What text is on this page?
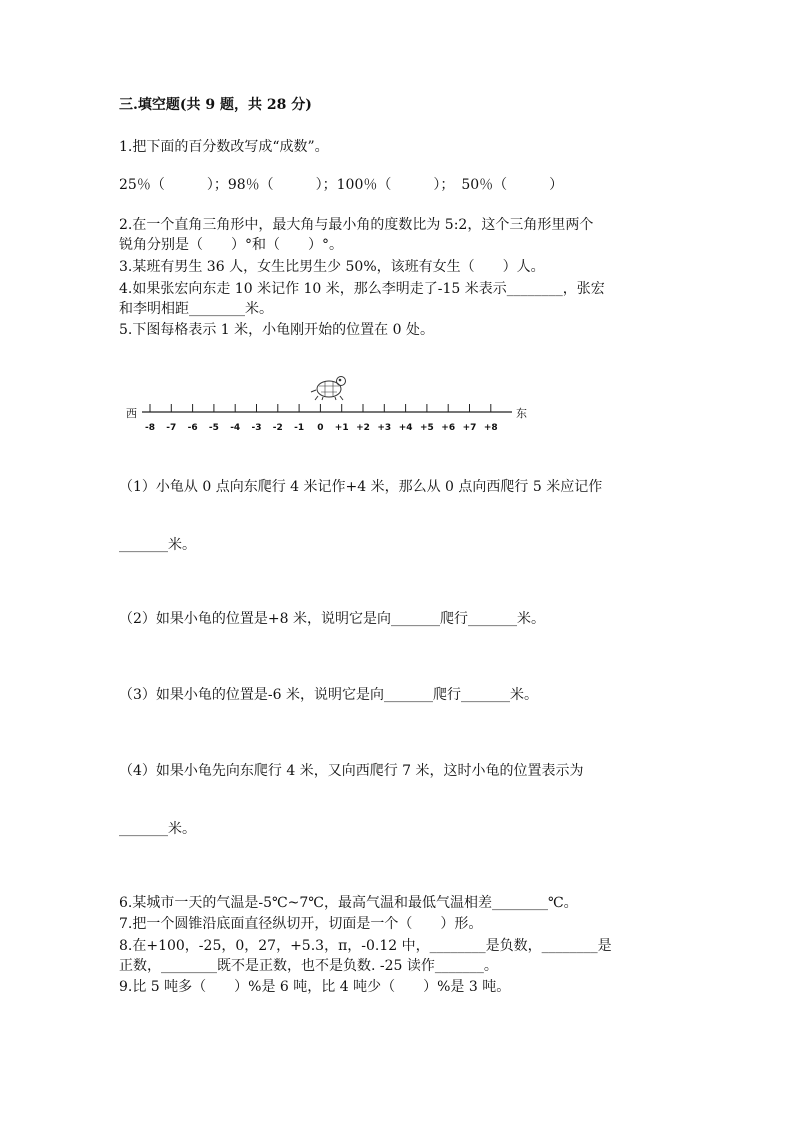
三.填空题(共 9 题，共 28 分)
1.把下面的百分数改写成“成数”。
25％（　　　）；98％（　　　）；100％（　　　）；　50％（　　　）
2.在一个直角三角形中，最大角与最小角的度数比为 5:2，这个三角形里两个
锐角分别是（　　）°和（　　）°。
3.某班有男生 36 人，女生比男生少 50%，该班有女生（　　）人。
4.如果张宏向东走 10 米记作 10 米，那么李明走了-15 米表示________，张宏
和李明相距________米。
5.下图每格表示 1 米，小龟刚开始的位置在 0 处。
西	东
-8 -7 -6 -5 -4 -3 -2 -1 0 +1 +2 +3 +4 +5 +6 +7 +8
（1）小龟从 0 点向东爬行 4 米记作+4 米，那么从 0 点向西爬行 5 米应记作
_______米。
（2）如果小龟的位置是+8 米，说明它是向_______爬行_______米。
（3）如果小龟的位置是-6 米，说明它是向_______爬行_______米。
（4）如果小龟先向东爬行 4 米，又向西爬行 7 米，这时小龟的位置表示为
_______米。
6.某城市一天的气温是-5℃~7℃，最高气温和最低气温相差________℃。
7.把一个圆锥沿底面直径纵切开，切面是一个（　　）形。
8.在+100，-25，0，27，+5.3，π，-0.12 中，________是负数，________是
正数，________既不是正数，也不是负数. -25 读作_______。
9.比 5 吨多（　　）%是 6 吨，比 4 吨少（　　）%是 3 吨。
